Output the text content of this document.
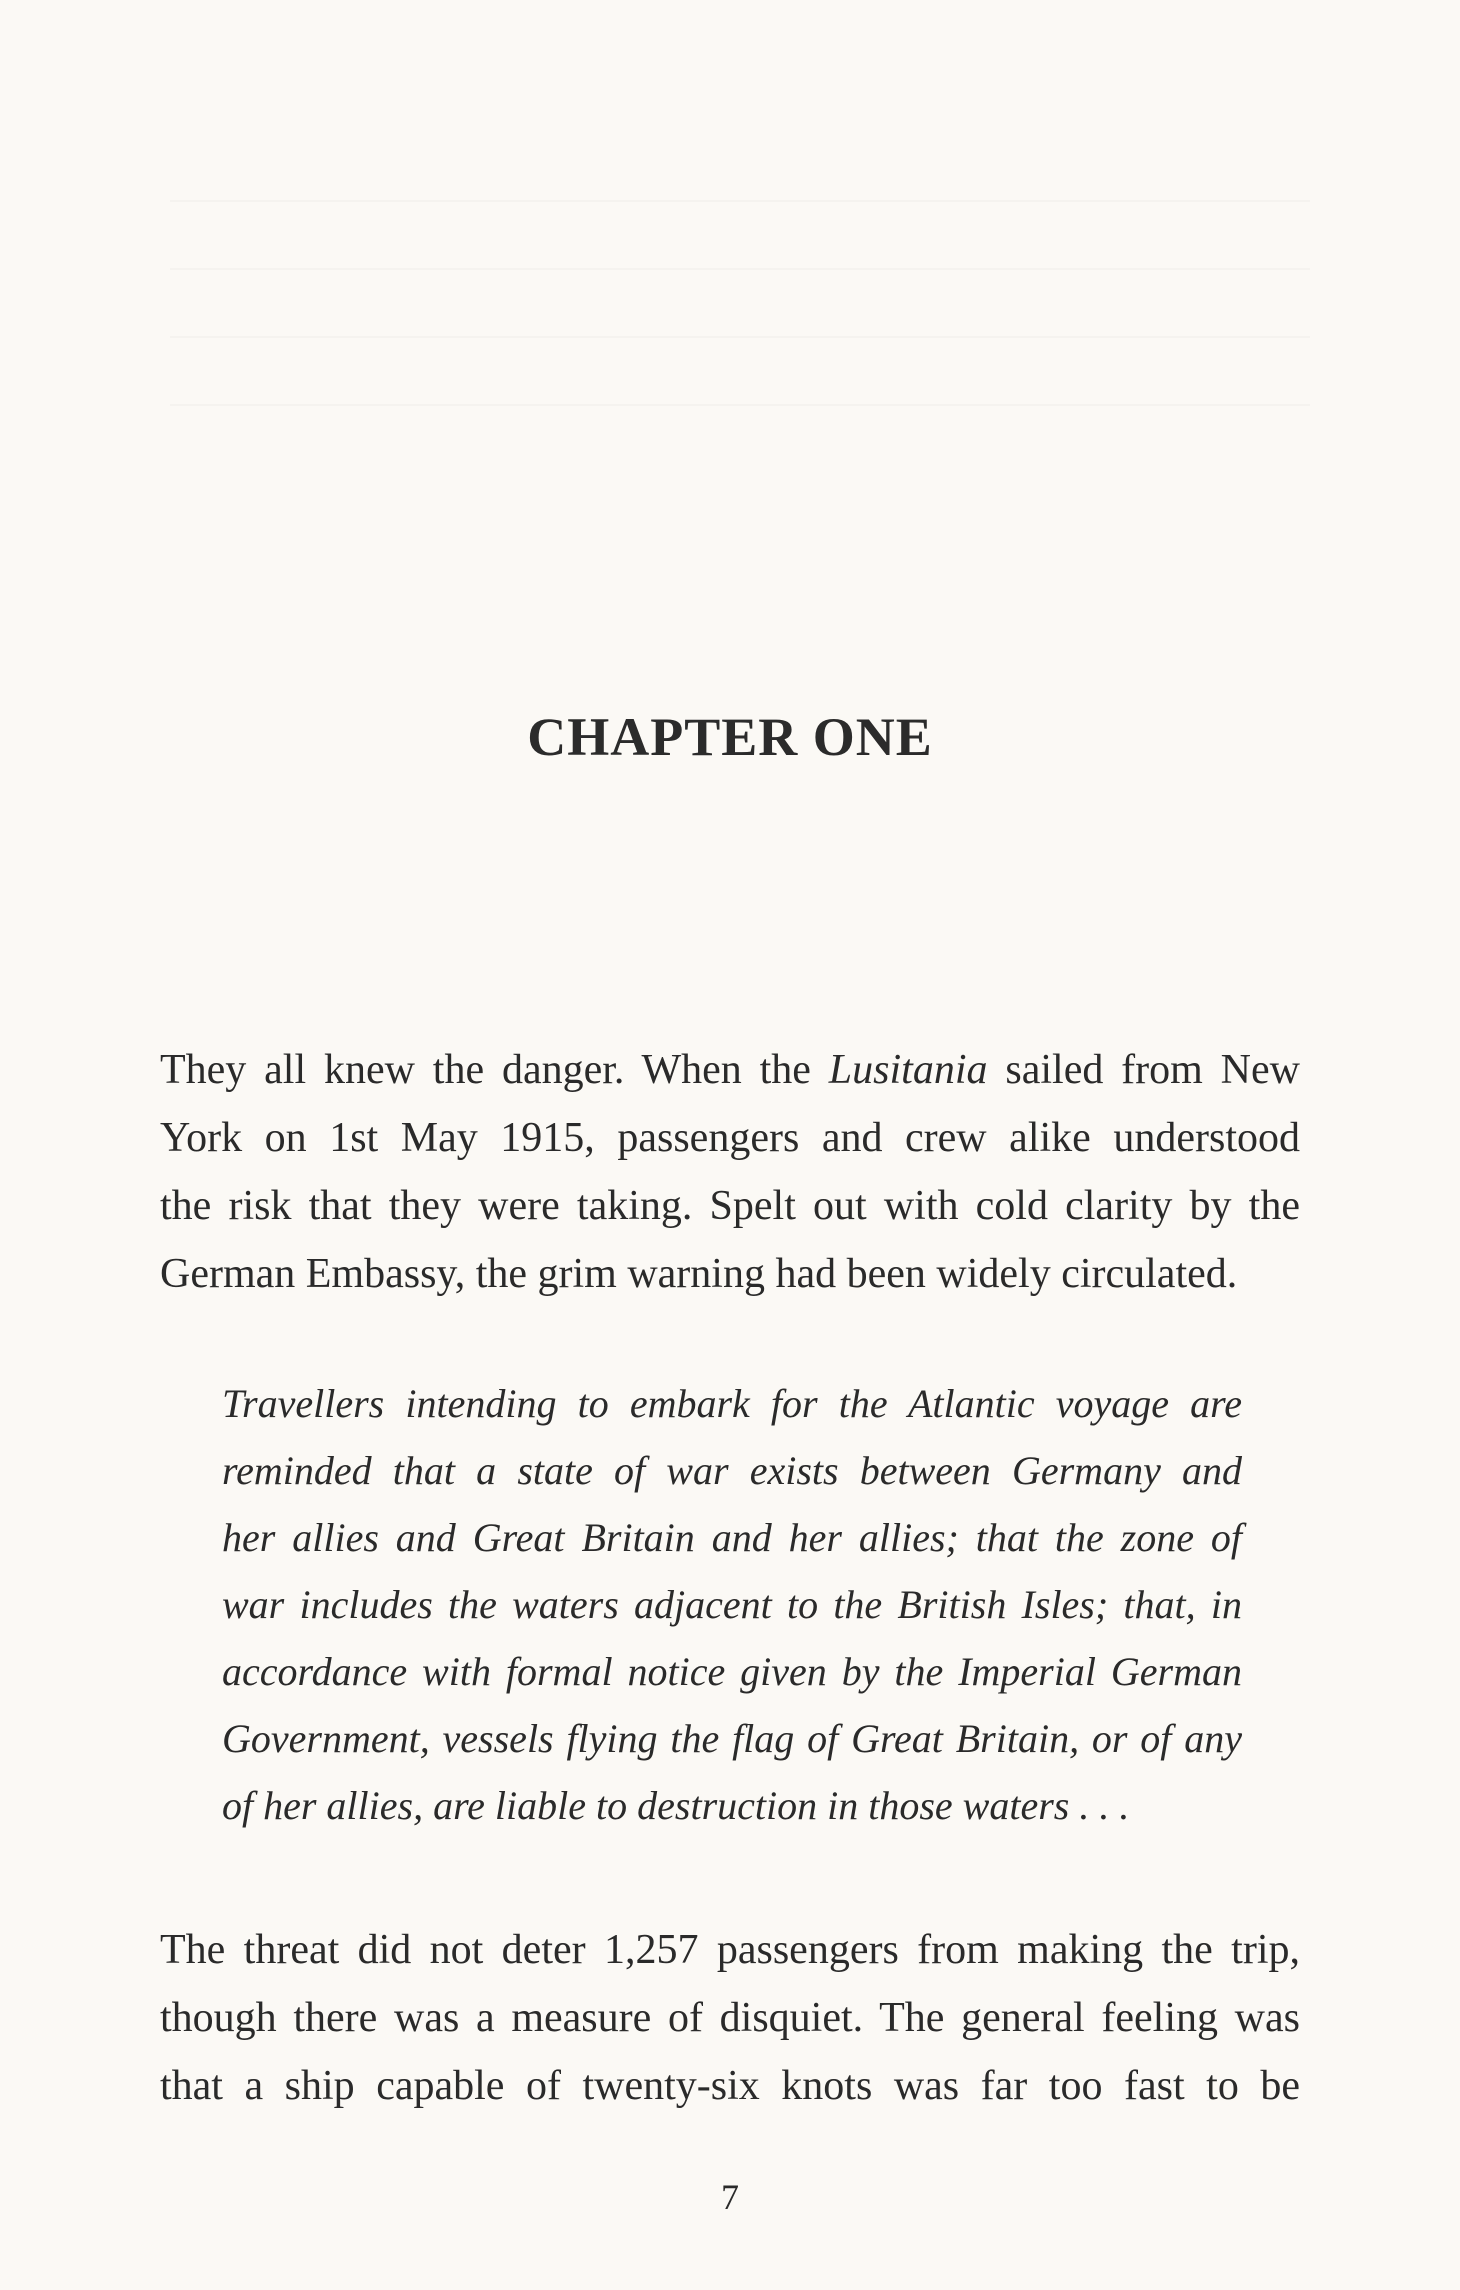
CHAPTER ONE

They all knew the danger. When the Lusitania sailed from New
York on 1st May 1915, passengers and crew alike understood
the risk that they were taking. Spelt out with cold clarity by the
German Embassy, the grim warning had been widely circulated.

Travellers intending to embark for the Atlantic voyage are
reminded that a state of war exists between Germany and
her allies and Great Britain and her allies; that the zone of
war includes the waters adjacent to the British Isles; that, in
accordance with formal notice given by the Imperial German
Government, vessels flying the flag of Great Britain, or of any
of her allies, are liable to destruction in those waters . . .

The threat did not deter 1,257 passengers from making the trip,
though there was a measure of disquiet. The general feeling was
that a ship capable of twenty-six knots was far too fast to be

7
